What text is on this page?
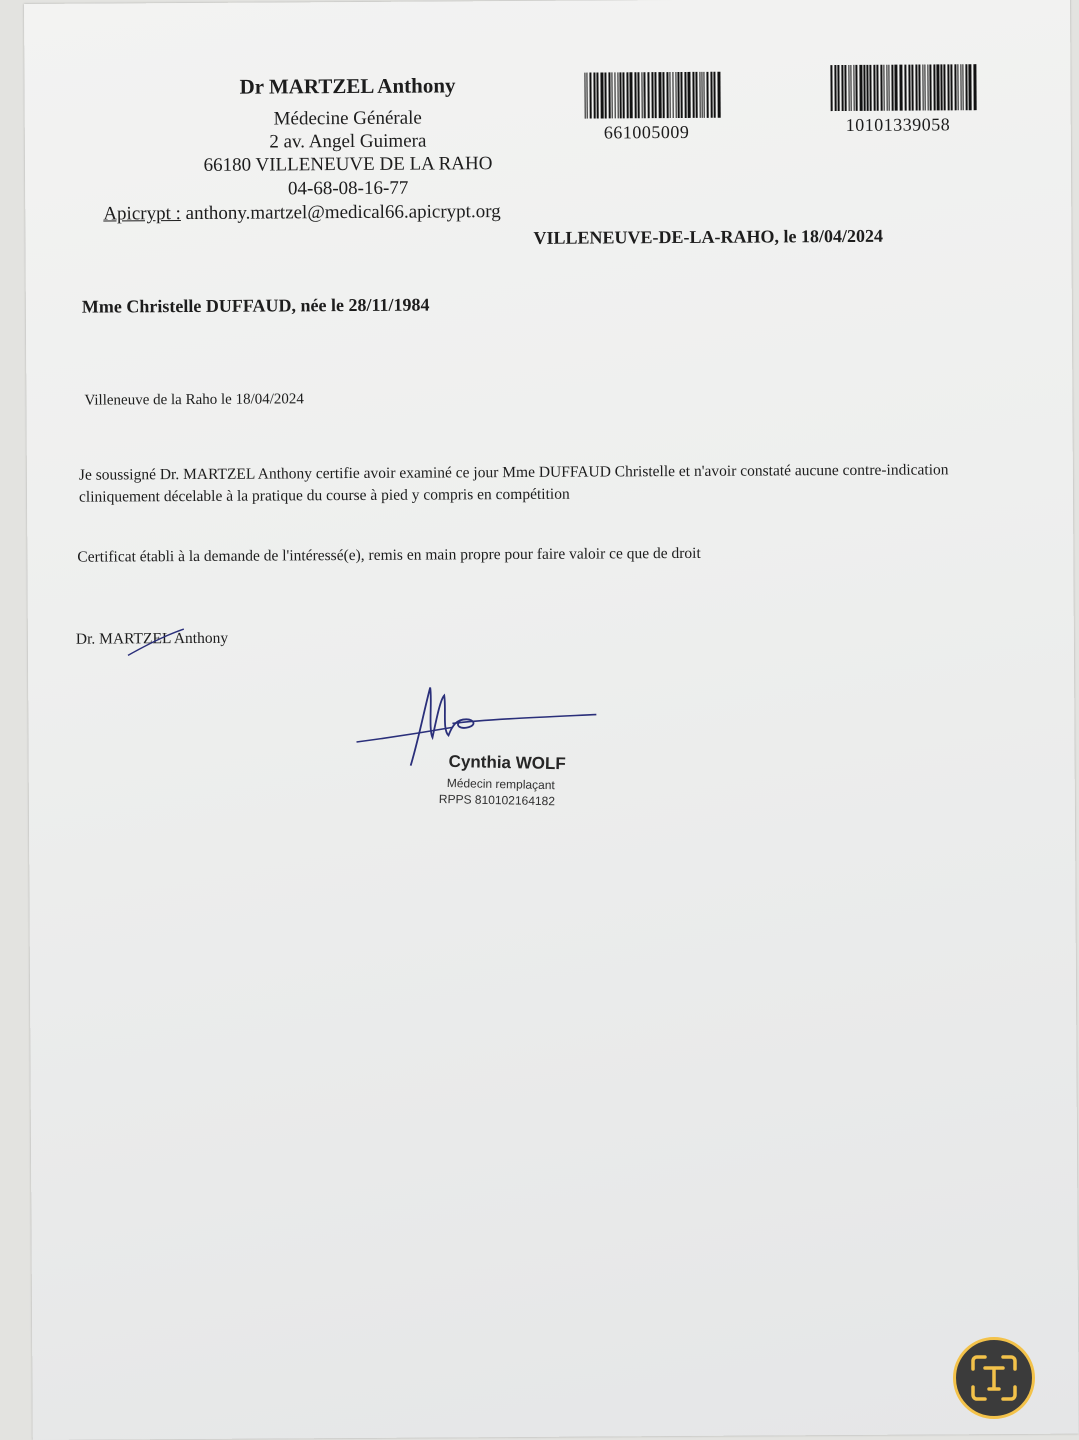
Dr MARTZEL Anthony
Médecine Générale
2 av. Angel Guimera
66180 VILLENEUVE DE LA RAHO
04-68-08-16-77
Apicrypt : anthony.martzel@medical66.apicrypt.org
661005009	10101339058
VILLENEUVE-DE-LA-RAHO, le 18/04/2024
Mme Christelle DUFFAUD, née le 28/11/1984
Villeneuve de la Raho le 18/04/2024
Je soussigné Dr. MARTZEL Anthony certifie avoir examiné ce jour Mme DUFFAUD Christelle et n'avoir constaté aucune contre-indication cliniquement décelable à la pratique du course à pied y compris en compétition
Certificat établi à la demande de l'intéressé(e), remis en main propre pour faire valoir ce que de droit
Dr. MARTZEL Anthony
Cynthia WOLF
Médecin remplaçant
RPPS 810102164182
